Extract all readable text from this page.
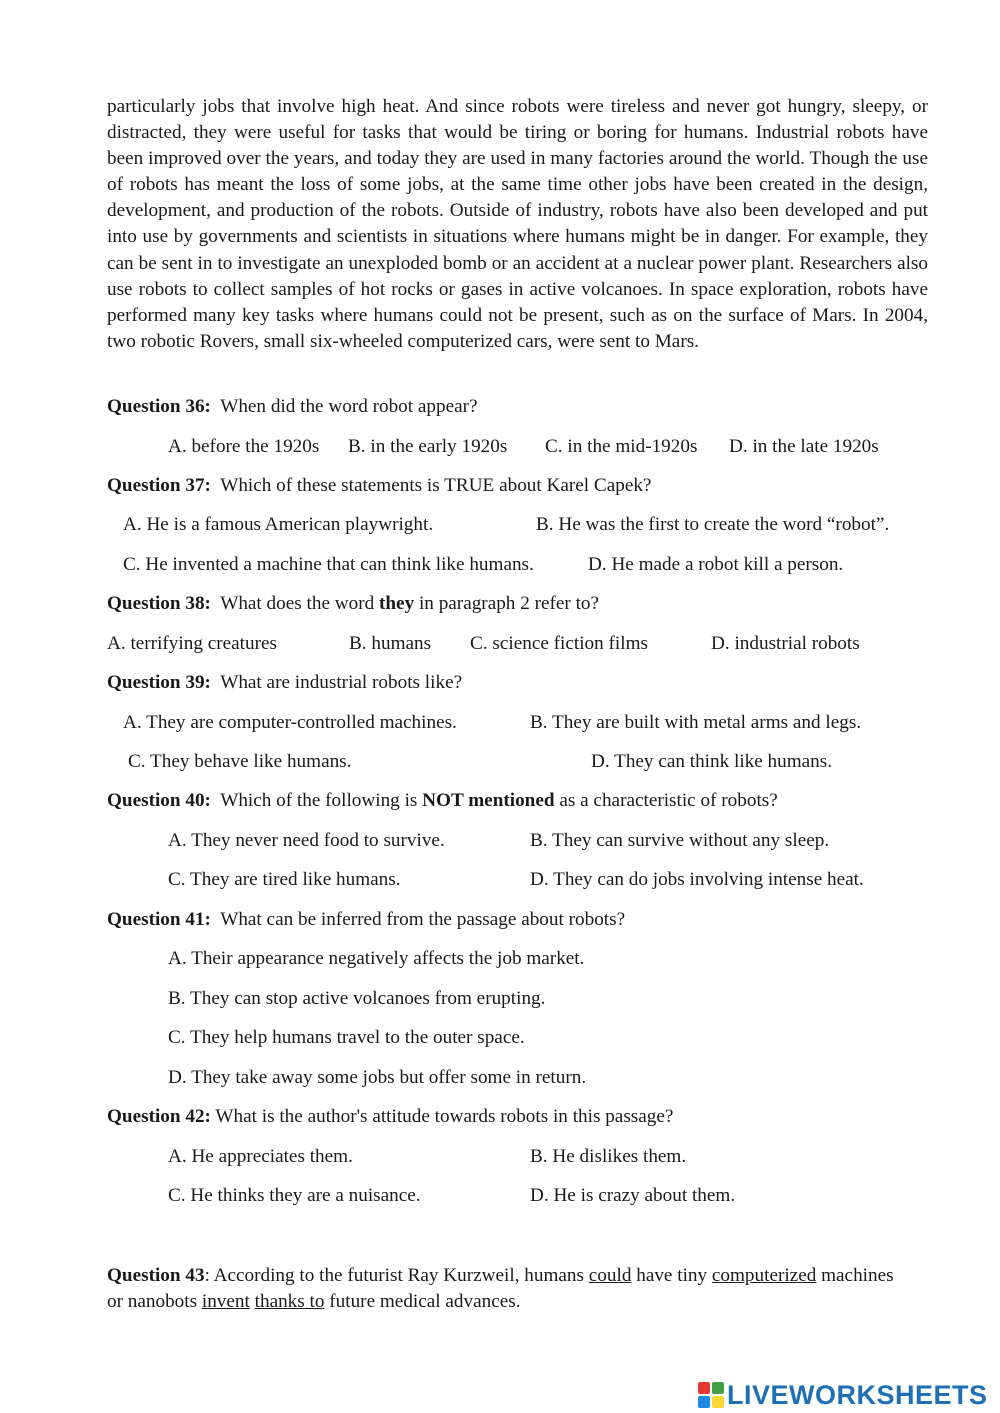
particularly jobs that involve high heat. And since robots were tireless and never got hungry, sleepy, or distracted, they were useful for tasks that would be tiring or boring for humans. Industrial robots have been improved over the years, and today they are used in many factories around the world. Though the use of robots has meant the loss of some jobs, at the same time other jobs have been created in the design, development, and production of the robots. Outside of industry, robots have also been developed and put into use by governments and scientists in situations where humans might be in danger. For example, they can be sent in to investigate an unexploded bomb or an accident at a nuclear power plant. Researchers also use robots to collect samples of hot rocks or gases in active volcanoes. In space exploration, robots have performed many key tasks where humans could not be present, such as on the surface of Mars. In 2004, two robotic Rovers, small six-wheeled computerized cars, were sent to Mars.

Question 36: When did the word robot appear?
A. before the 1920s B. in the early 1920s C. in the mid-1920s D. in the late 1920s
Question 37: Which of these statements is TRUE about Karel Capek?
A. He is a famous American playwright.	B. He was the first to create the word “robot”.
C. He invented a machine that can think like humans.	D. He made a robot kill a person.
Question 38: What does the word they in paragraph 2 refer to?
A. terrifying creatures	B. humans C. science fiction films	D. industrial robots
Question 39: What are industrial robots like?
A. They are computer-controlled machines.	B. They are built with metal arms and legs.
C. They behave like humans.	D. They can think like humans.
Question 40: Which of the following is NOT mentioned as a characteristic of robots?
A. They never need food to survive.	B. They can survive without any sleep.
C. They are tired like humans.	D. They can do jobs involving intense heat.
Question 41: What can be inferred from the passage about robots?
A. Their appearance negatively affects the job market.
B. They can stop active volcanoes from erupting.
C. They help humans travel to the outer space.
D. They take away some jobs but offer some in return.
Question 42: What is the author's attitude towards robots in this passage?
A. He appreciates them.	B. He dislikes them.
C. He thinks they are a nuisance.	D. He is crazy about them.
Question 43: According to the futurist Ray Kurzweil, humans could have tiny computerized machines or nanobots invent thanks to future medical advances.
LIVEWORKSHEETS
